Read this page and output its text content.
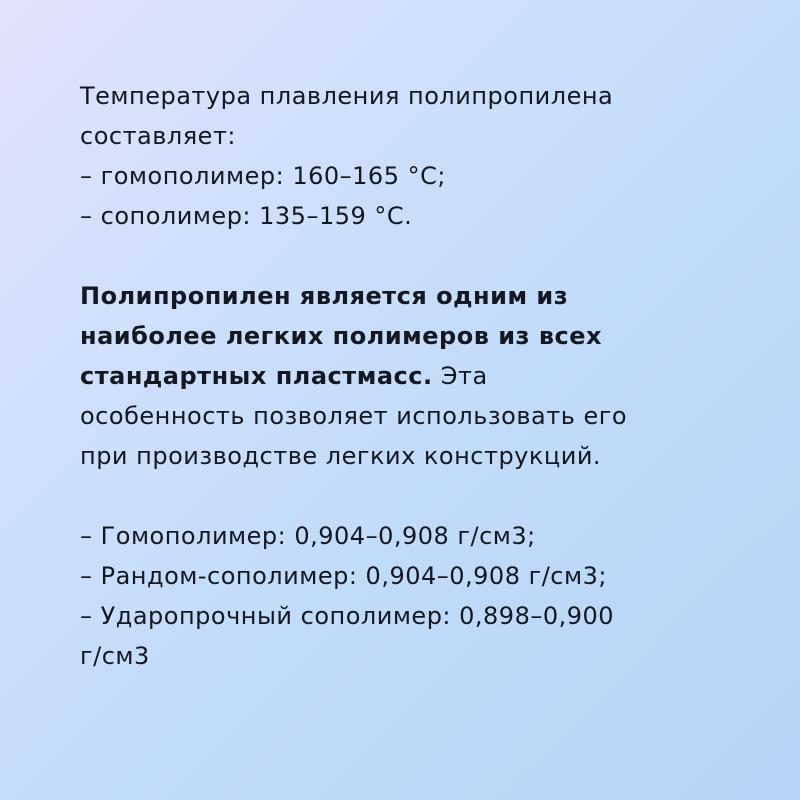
Температура плавления полипропилена
составляет:
– гомополимер: 160–165 °С;
– сополимер: 135–159 °С.

Полипропилен является одним из
наиболее легких полимеров из всех
стандартных пластмасс. Эта
особенность позволяет использовать его
при производстве легких конструкций.

– Гомополимер: 0,904–0,908 г/см3;
– Рандом-сополимер: 0,904–0,908 г/см3;
– Ударопрочный сополимер: 0,898–0,900
г/см3
